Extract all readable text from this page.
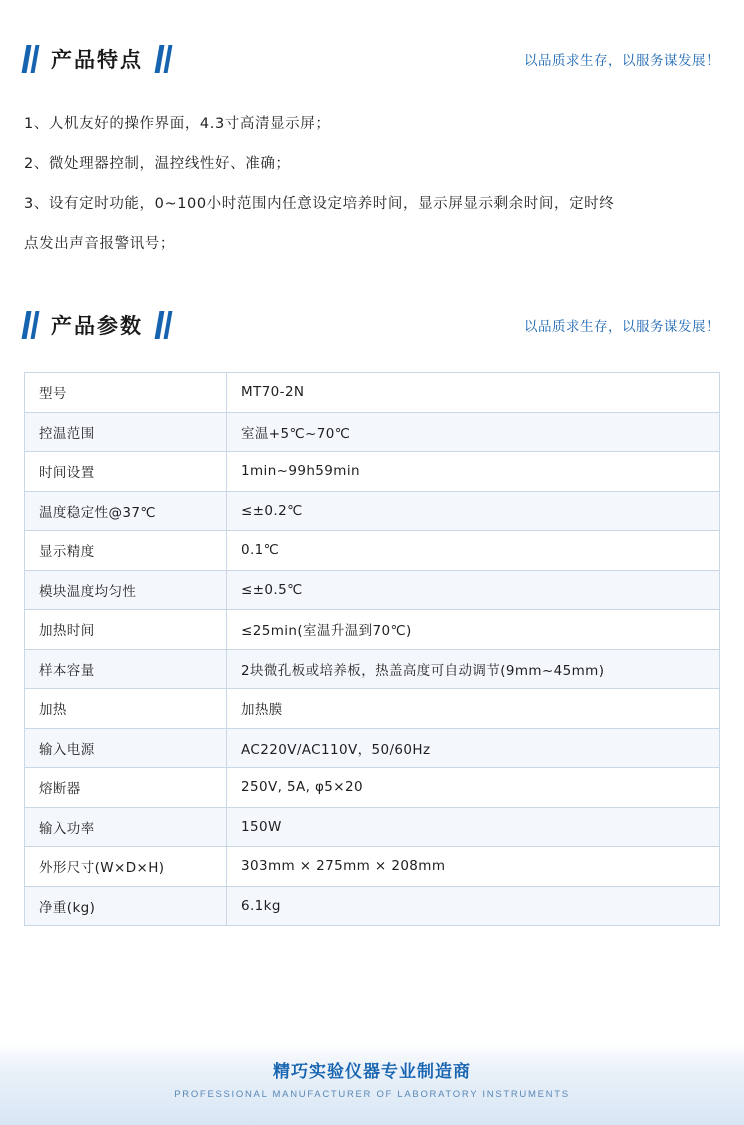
产品特点	以品质求生存，以服务谋发展！
1、人机友好的操作界面，4.3寸高清显示屏；
2、微处理器控制，温控线性好、准确；
3、设有定时功能，0~100小时范围内任意设定培养时间，显示屏显示剩余时间，定时终
点发出声音报警讯号；
产品参数	以品质求生存，以服务谋发展！
型号	MT70-2N
控温范围	室温+5℃~70℃
时间设置	1min~99h59min
温度稳定性@37℃	≤±0.2℃
显示精度	0.1℃
模块温度均匀性	≤±0.5℃
加热时间	≤25min(室温升温到70℃)
样本容量	2块微孔板或培养板，热盖高度可自动调节(9mm~45mm)
加热	加热膜
输入电源	AC220V/AC110V，50/60Hz
熔断器	250V, 5A, φ5×20
输入功率	150W
外形尺寸(W×D×H)	303mm × 275mm × 208mm
净重(kg)	6.1kg
精巧实验仪器专业制造商
PROFESSIONAL MANUFACTURER OF LABORATORY INSTRUMENTS
